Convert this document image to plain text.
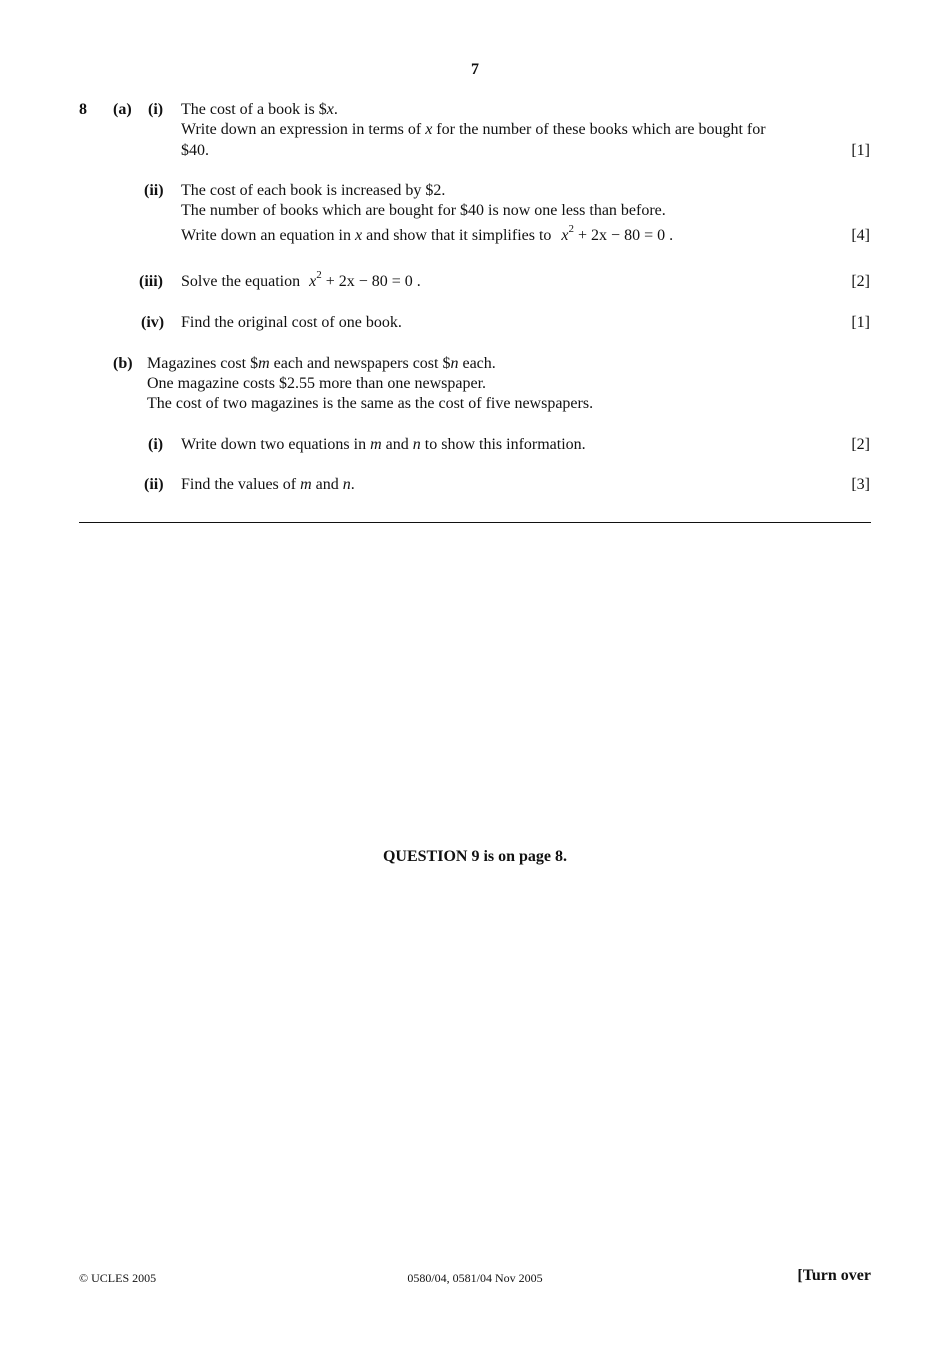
7
8 (a) (i) The cost of a book is $x.
Write down an expression in terms of x for the number of these books which are bought for
$40.	[1]
(ii) The cost of each book is increased by $2.
The number of books which are bought for $40 is now one less than before.
Write down an equation in x and show that it simplifies to $x^2 + 2x - 80 = 0$ .	[4]
(iii) Solve the equation $x^2 + 2x - 80 = 0$ .	[2]
(iv) Find the original cost of one book.	[1]
(b) Magazines cost $m each and newspapers cost $n each.
One magazine costs $2.55 more than one newspaper.
The cost of two magazines is the same as the cost of five newspapers.
(i) Write down two equations in m and n to show this information.	[2]
(ii) Find the values of m and n.	[3]
QUESTION 9 is on page 8.
© UCLES 2005	0580/04, 0581/04 Nov 2005	[Turn over
